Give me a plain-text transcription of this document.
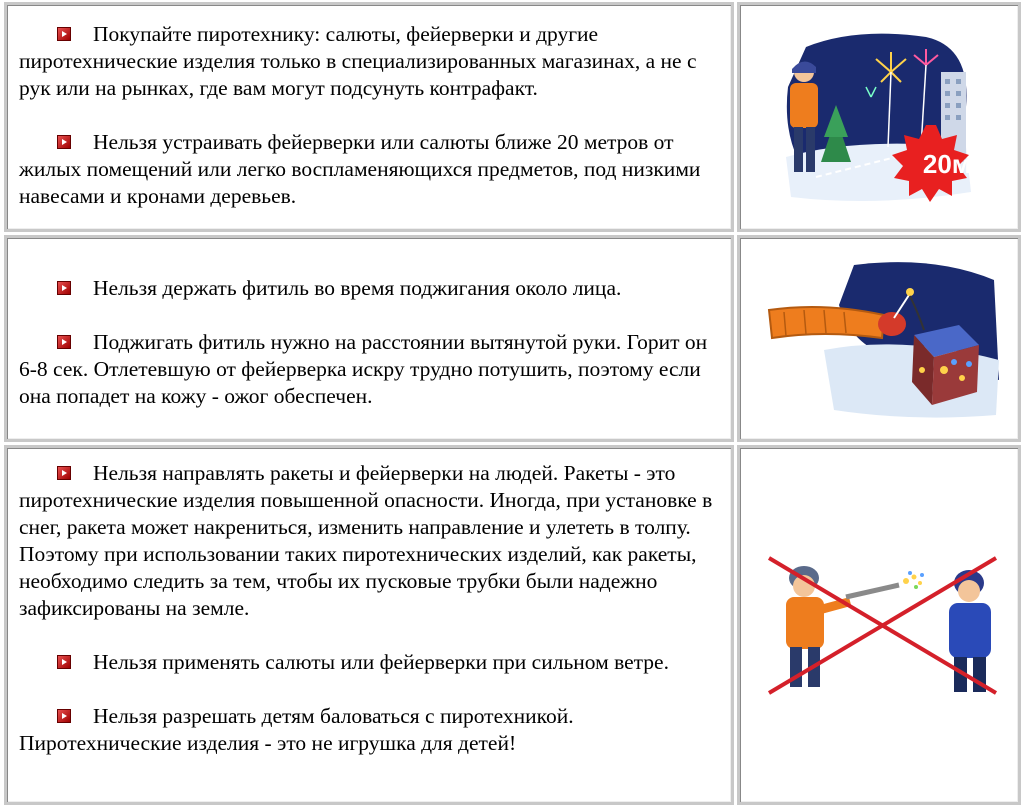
Покупайте пиротехнику: салюты, фейерверки и другие пиротехнические изделия только в специализированных магазинах, а не с рук или на рынках, где вам могут подсунуть контрафакт.

Нельзя устраивать фейерверки или салюты ближе 20 метров от жилых помещений или легко воспламеняющихся предметов, под низкими навесами и кронами деревьев.

20м

Нельзя держать фитиль во время поджигания около лица.

Поджигать фитиль нужно на расстоянии вытянутой руки. Горит он 6-8 сек. Отлетевшую от фейерверка искру трудно потушить, поэтому если она попадет на кожу - ожог обеспечен.

Нельзя направлять ракеты и фейерверки на людей. Ракеты - это пиротехнические изделия повышенной опасности. Иногда, при установке в снег, ракета может накрениться, изменить направление и улететь в толпу. Поэтому при использовании таких пиротехнических изделий, как ракеты, необходимо следить за тем, чтобы их пусковые трубки были надежно зафиксированы на земле.

Нельзя применять салюты или фейерверки при сильном ветре.

Нельзя разрешать детям баловаться с пиротехникой. Пиротехнические изделия - это не игрушка для детей!
